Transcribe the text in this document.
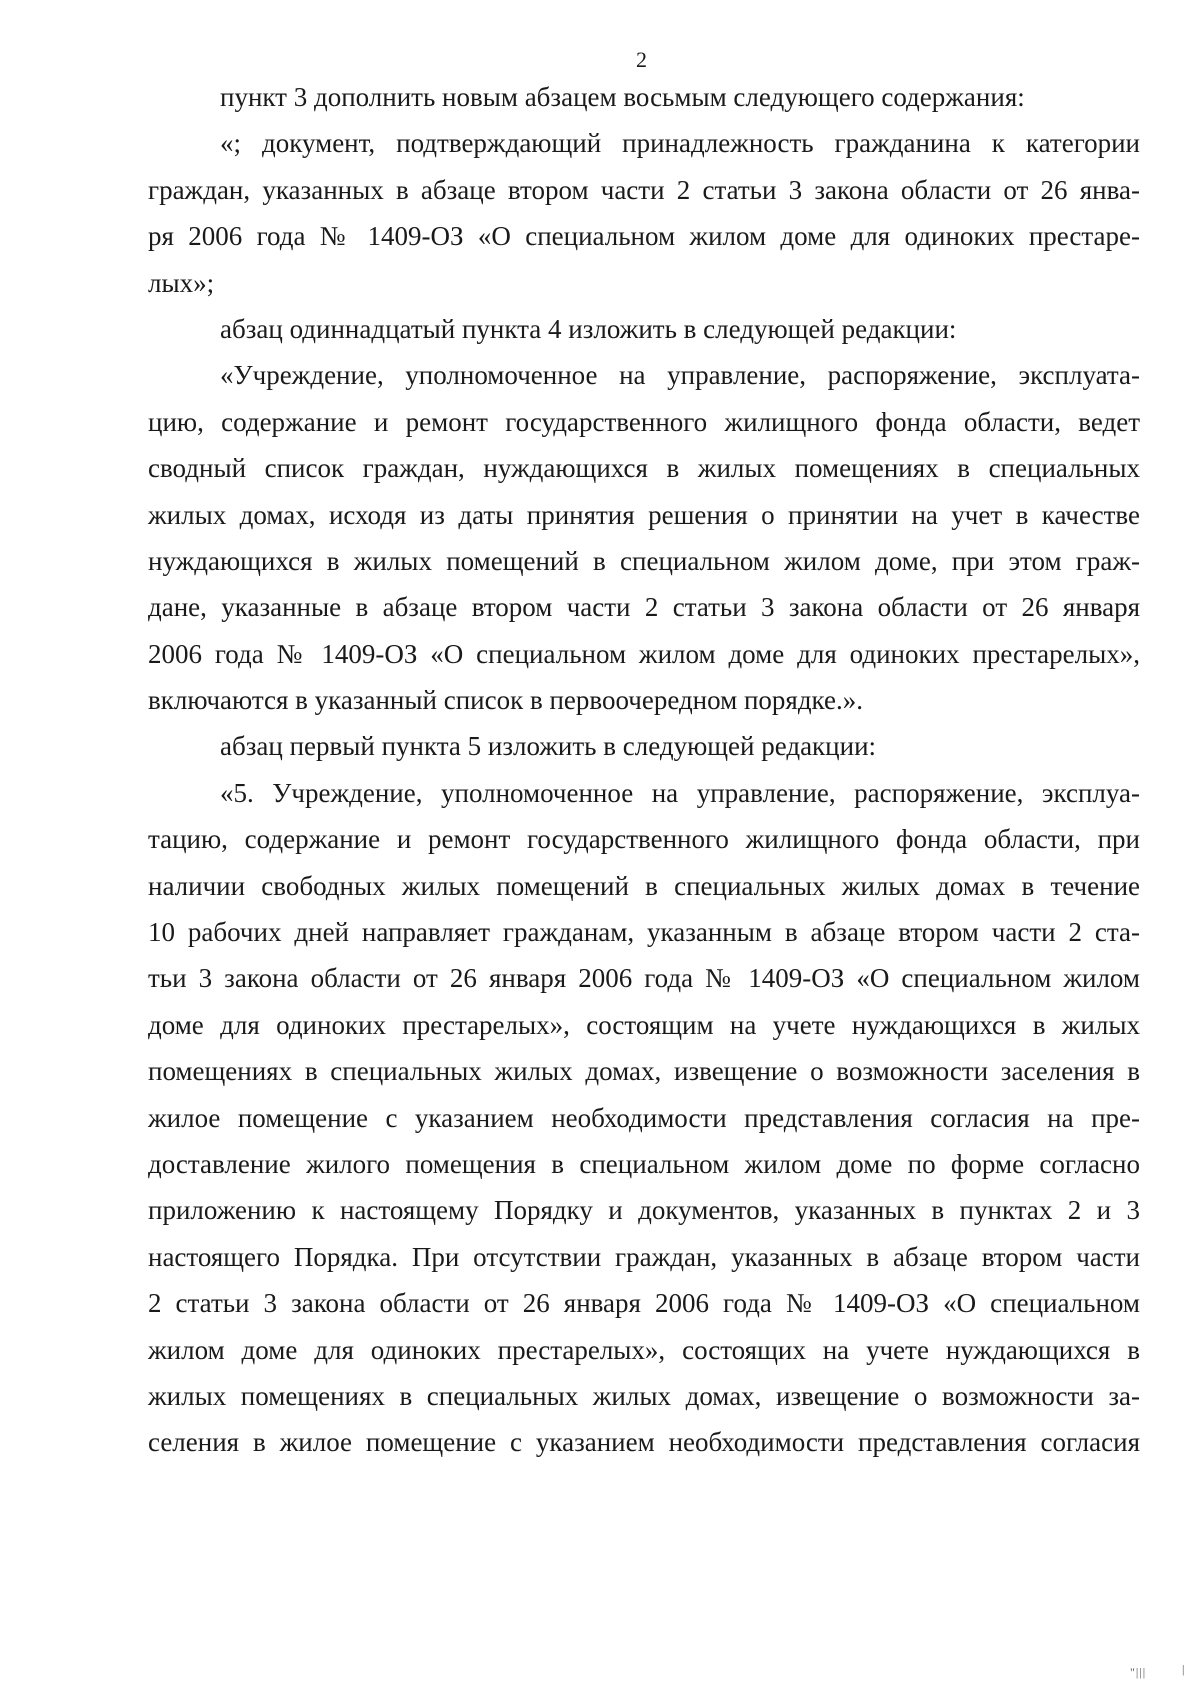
2
пункт 3 дополнить новым абзацем восьмым следующего содержания:
«; документ, подтверждающий принадлежность гражданина к категории
граждан, указанных в абзаце втором части 2 статьи 3 закона области от 26 янва-
ря 2006 года № 1409-ОЗ «О специальном жилом доме для одиноких престаре-
лых»;
абзац одиннадцатый пункта 4 изложить в следующей редакции:
«Учреждение, уполномоченное на управление, распоряжение, эксплуата-
цию, содержание и ремонт государственного жилищного фонда области, ведет
сводный список граждан, нуждающихся в жилых помещениях в специальных
жилых домах, исходя из даты принятия решения о принятии на учет в качестве
нуждающихся в жилых помещений в специальном жилом доме, при этом граж-
дане, указанные в абзаце втором части 2 статьи 3 закона области от 26 января
2006 года № 1409-ОЗ «О специальном жилом доме для одиноких престарелых»,
включаются в указанный список в первоочередном порядке.».
абзац первый пункта 5 изложить в следующей редакции:
«5. Учреждение, уполномоченное на управление, распоряжение, эксплуа-
тацию, содержание и ремонт государственного жилищного фонда области, при
наличии свободных жилых помещений в специальных жилых домах в течение
10 рабочих дней направляет гражданам, указанным в абзаце втором части 2 ста-
тьи 3 закона области от 26 января 2006 года № 1409-ОЗ «О специальном жилом
доме для одиноких престарелых», состоящим на учете нуждающихся в жилых
помещениях в специальных жилых домах, извещение о возможности заселения в
жилое помещение с указанием необходимости представления согласия на пре-
доставление жилого помещения в специальном жилом доме по форме согласно
приложению к настоящему Порядку и документов, указанных в пунктах 2 и 3
настоящего Порядка. При отсутствии граждан, указанных в абзаце втором части
2 статьи 3 закона области от 26 января 2006 года № 1409-ОЗ «О специальном
жилом доме для одиноких престарелых», состоящих на учете нуждающихся в
жилых помещениях в специальных жилых домах, извещение о возможности за-
селения в жилое помещение с указанием необходимости представления согласия
"|||	|
